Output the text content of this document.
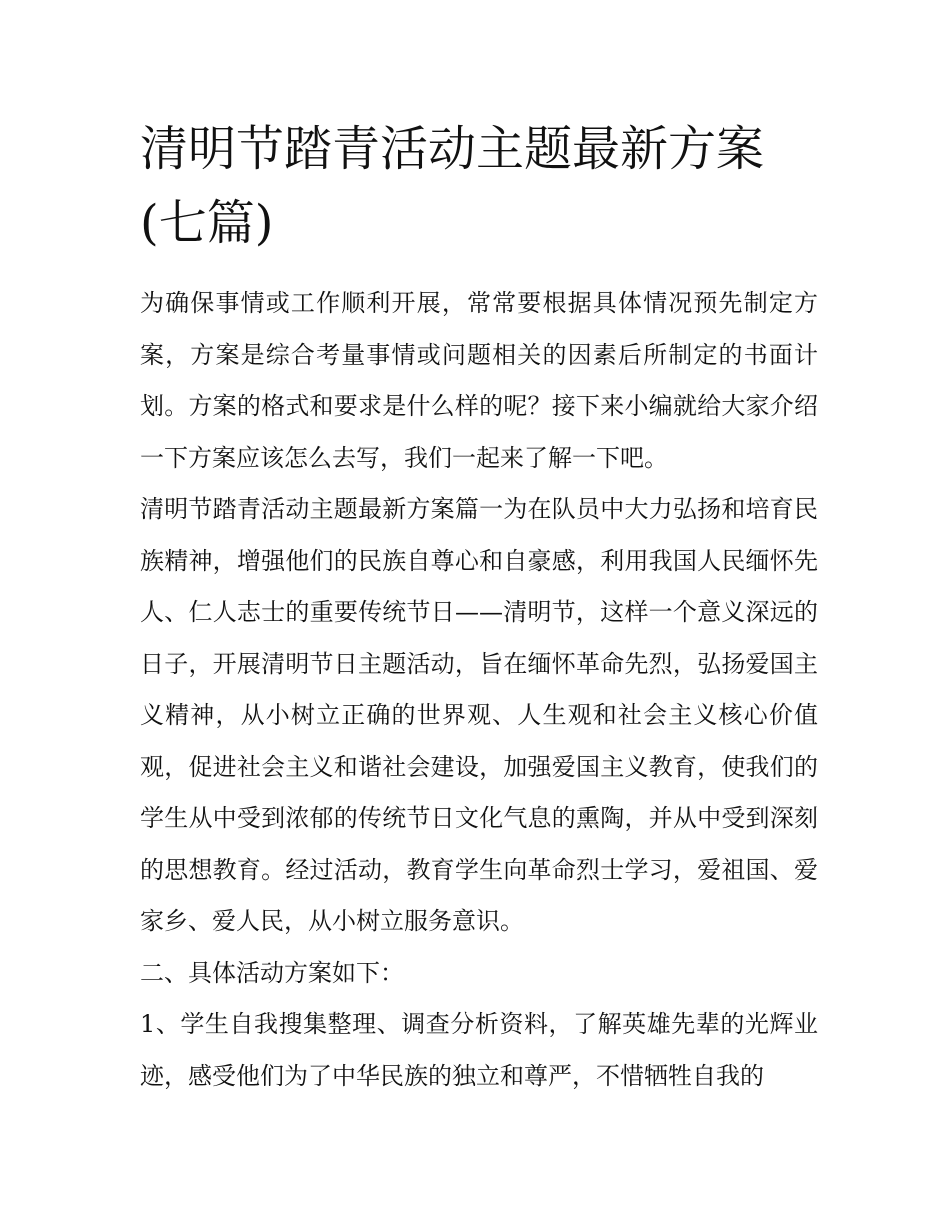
清明节踏青活动主题最新方案(七篇)

为确保事情或工作顺利开展，常常要根据具体情况预先制定方案，方案是综合考量事情或问题相关的因素后所制定的书面计划。方案的格式和要求是什么样的呢？接下来小编就给大家介绍一下方案应该怎么去写，我们一起来了解一下吧。

清明节踏青活动主题最新方案篇一为在队员中大力弘扬和培育民族精神，增强他们的民族自尊心和自豪感，利用我国人民缅怀先人、仁人志士的重要传统节日——清明节，这样一个意义深远的日子，开展清明节日主题活动，旨在缅怀革命先烈，弘扬爱国主义精神，从小树立正确的世界观、人生观和社会主义核心价值观，促进社会主义和谐社会建设，加强爱国主义教育，使我们的学生从中受到浓郁的传统节日文化气息的熏陶，并从中受到深刻的思想教育。经过活动，教育学生向革命烈士学习，爱祖国、爱家乡、爱人民，从小树立服务意识。

二、具体活动方案如下：

1、学生自我搜集整理、调查分析资料，了解英雄先辈的光辉业迹，感受他们为了中华民族的独立和尊严，不惜牺牲自我的
